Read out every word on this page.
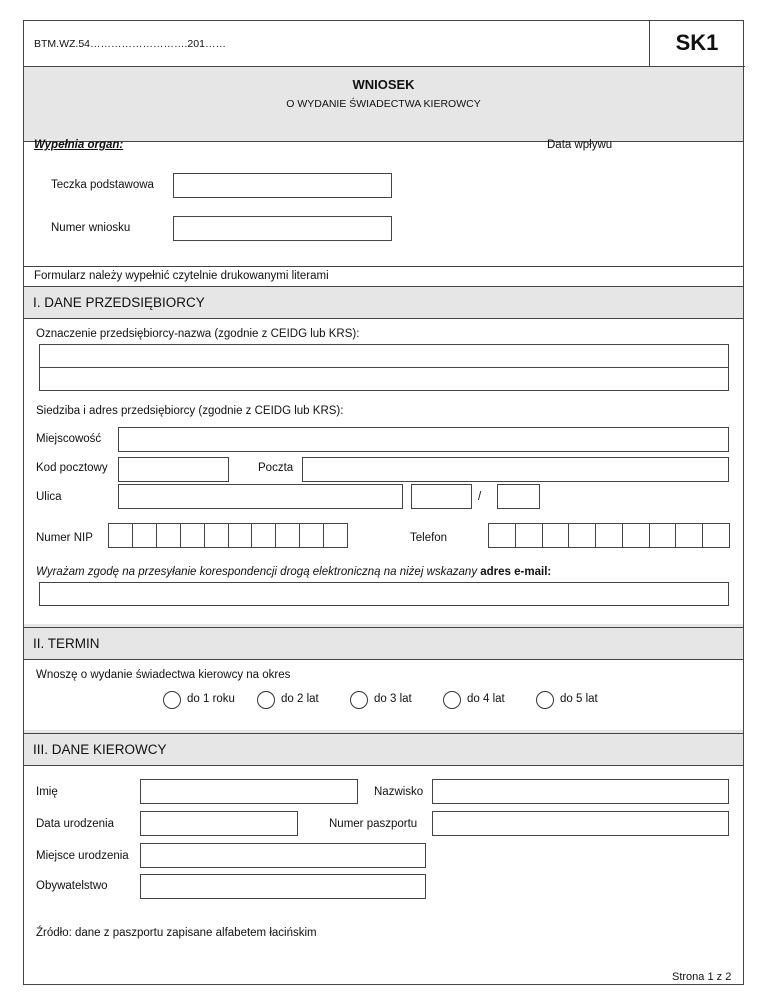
BTM.WZ.54……………………….201……	SK1
WNIOSEK
O WYDANIE ŚWIADECTWA KIEROWCY
Wypełnia organ:	Data wpływu
Teczka podstawowa
Numer wniosku
Formularz należy wypełnić czytelnie drukowanymi literami
I. DANE PRZEDSIĘBIORCY
Oznaczenie przedsiębiorcy-nazwa (zgodnie z CEIDG lub KRS):
Siedziba i adres przedsiębiorcy (zgodnie z CEIDG lub KRS):
Miejscowość
Kod pocztowy	Poczta
Ulica	/
Numer NIP	Telefon
Wyrażam zgodę na przesyłanie korespondencji drogą elektroniczną na niżej wskazany adres e-mail:
II. TERMIN
Wnoszę o wydanie świadectwa kierowcy na okres
do 1 roku	do 2 lat	do 3 lat	do 4 lat	do 5 lat
III. DANE KIEROWCY
Imię	Nazwisko
Data urodzenia	Numer paszportu
Miejsce urodzenia
Obywatelstwo
Źródło: dane z paszportu zapisane alfabetem łacińskim
Strona 1 z 2
